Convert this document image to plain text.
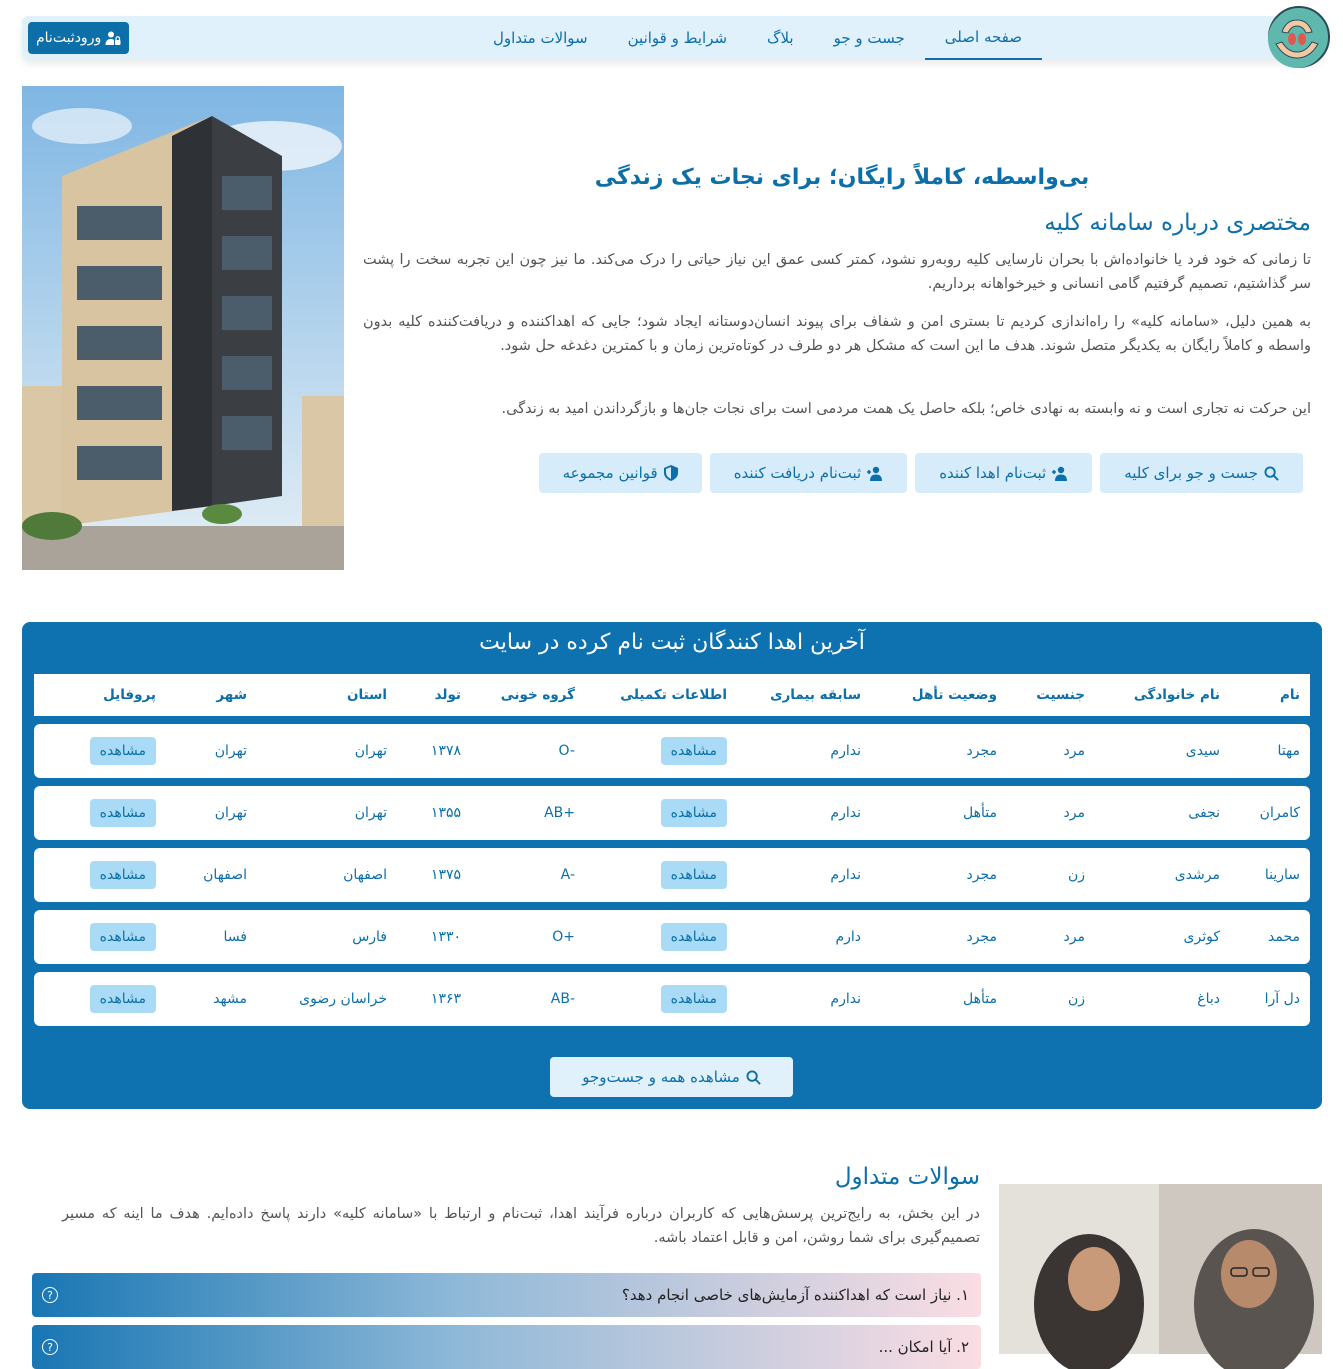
صفحه اصلی
جست و جو
بلاگ
شرایط و قوانین
سوالات متداول
ورودثبت‌نام
بی‌واسطه، کاملاً رایگان؛ برای نجات یک زندگی
مختصری درباره سامانه کلیه

تا زمانی که خود فرد یا خانواده‌اش با بحران نارسایی کلیه روبه‌رو نشود، کمتر کسی عمق این نیاز حیاتی را درک می‌کند. ما نیز چون این تجربه سخت را پشت سر گذاشتیم، تصمیم گرفتیم گامی انسانی و خیرخواهانه برداریم.

به همین دلیل، «سامانه کلیه» را راه‌اندازی کردیم تا بستری امن و شفاف برای پیوند انسان‌دوستانه ایجاد شود؛ جایی که اهداکننده و دریافت‌کننده کلیه بدون واسطه و کاملاً رایگان به یکدیگر متصل شوند. هدف ما این است که مشکل هر دو طرف در کوتاه‌ترین زمان و با کمترین دغدغه حل شود.

این حرکت نه تجاری است و نه وابسته به نهادی خاص؛ بلکه حاصل یک همت مردمی است برای نجات جان‌ها و بازگرداندن امید به زندگی.

جست و جو برای کلیه
ثبت‌نام اهدا کننده
ثبت‌نام دریافت کننده
قوانین مجموعه
آخرین اهدا کنندگان ثبت نام کرده در سایت
نام
نام خانوادگی
جنسیت
وضعیت تأهل
سابقه بیماری
اطلاعات تکمیلی
گروه خونی
تولد
استان
شهر
پروفایل
مهتا
سیدی
مرد
مجرد
ندارم
مشاهده
O-
۱۳۷۸
تهران
تهران
مشاهده
کامران
نجفی
مرد
متأهل
ندارم
مشاهده
AB+
۱۳۵۵
تهران
تهران
مشاهده
سارینا
مرشدی
زن
مجرد
ندارم
مشاهده
A-
۱۳۷۵
اصفهان
اصفهان
مشاهده
محمد
کوثری
مرد
مجرد
دارم
مشاهده
O+
۱۳۳۰
فارس
فسا
مشاهده
دل آرا
دباغ
زن
متأهل
ندارم
مشاهده
AB-
۱۳۶۳
خراسان رضوی
مشهد
مشاهده
مشاهده همه و جست‌وجو
سوالات متداول

در این بخش، به رایج‌ترین پرسش‌هایی که کاربران درباره فرآیند اهدا، ثبت‌نام و ارتباط با «سامانه کلیه» دارند پاسخ داده‌ایم. هدف ما اینه که مسیر تصمیم‌گیری برای شما روشن، امن و قابل اعتماد باشه.

۱. نیاز است که اهداکننده آزمایش‌های خاصی انجام دهد؟
?
۲. آیا امکان ...
?
